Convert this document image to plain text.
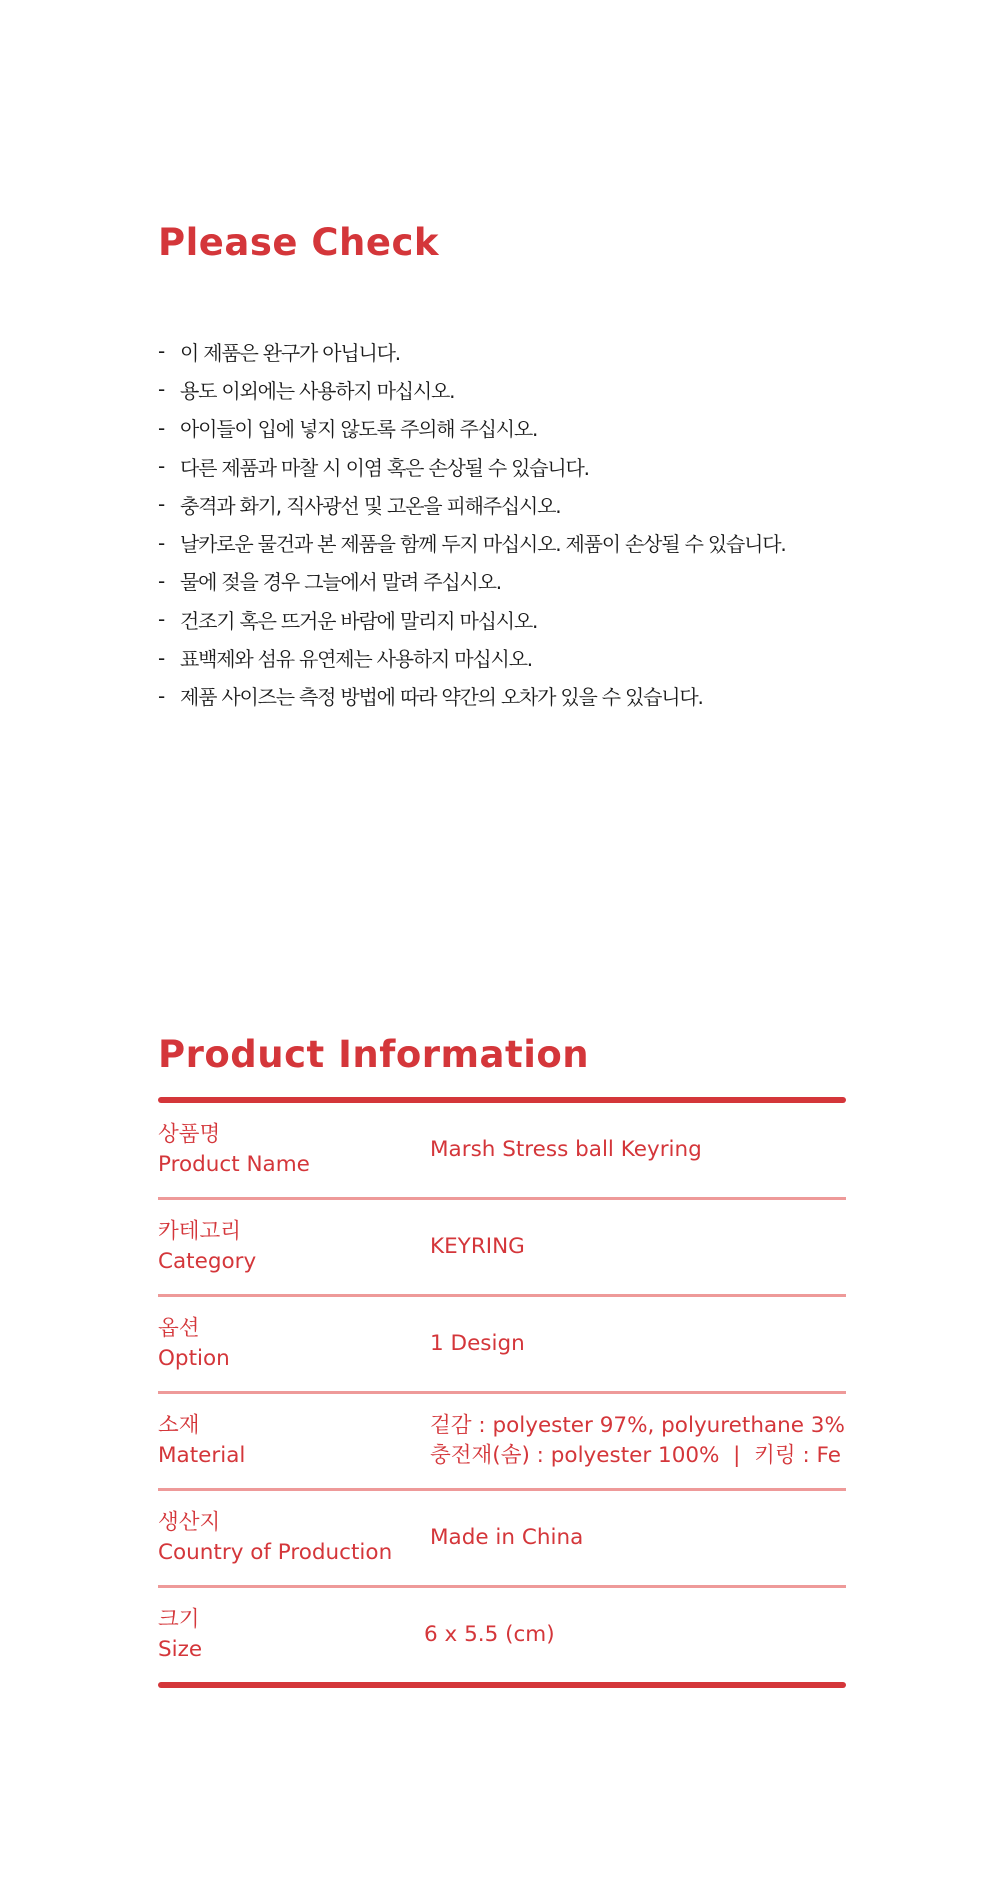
Please Check
- 이 제품은 완구가 아닙니다.
- 용도 이외에는 사용하지 마십시오.
- 아이들이 입에 넣지 않도록 주의해 주십시오.
- 다른 제품과 마찰 시 이염 혹은 손상될 수 있습니다.
- 충격과 화기, 직사광선 및 고온을 피해주십시오.
- 날카로운 물건과 본 제품을 함께 두지 마십시오. 제품이 손상될 수 있습니다.
- 물에 젖을 경우 그늘에서 말려 주십시오.
- 건조기 혹은 뜨거운 바람에 말리지 마십시오.
- 표백제와 섬유 유연제는 사용하지 마십시오.
- 제품 사이즈는 측정 방법에 따라 약간의 오차가 있을 수 있습니다.
Product Information
상품명
Product Name
Marsh Stress ball Keyring
카테고리
Category
KEYRING
옵션
Option
1 Design
소재
Material
겉감 : polyester 97%, polyurethane 3%
충전재(솜) : polyester 100%  |  키링 : Fe
생산지
Country of Production
Made in China
크기
Size
6 x 5.5 (cm)
